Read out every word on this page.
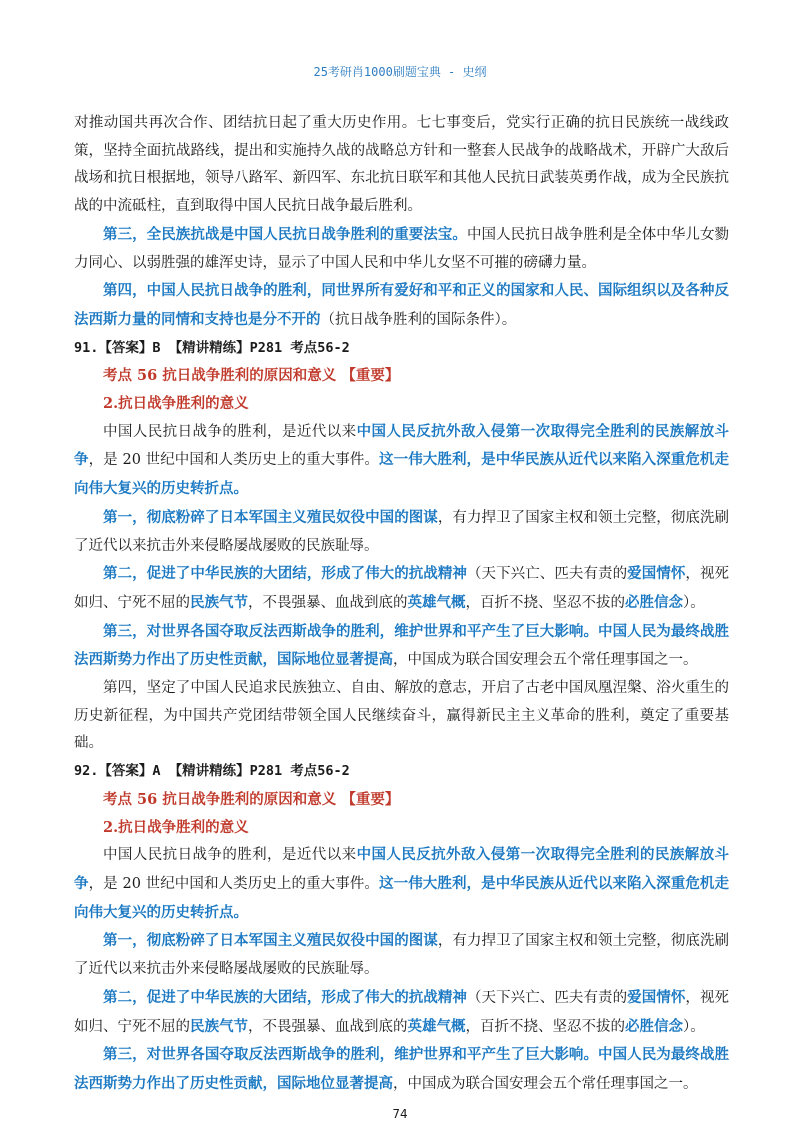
25考研肖1000刷题宝典 - 史纲

对推动国共再次合作、团结抗日起了重大历史作用。七七事变后，党实行正确的抗日民族统一战线政策，坚持全面抗战路线，提出和实施持久战的战略总方针和一整套人民战争的战略战术，开辟广大敌后战场和抗日根据地，领导八路军、新四军、东北抗日联军和其他人民抗日武装英勇作战，成为全民族抗战的中流砥柱，直到取得中国人民抗日战争最后胜利。

第三，全民族抗战是中国人民抗日战争胜利的重要法宝。中国人民抗日战争胜利是全体中华儿女勠力同心、以弱胜强的雄浑史诗，显示了中国人民和中华儿女坚不可摧的磅礴力量。

第四，中国人民抗日战争的胜利，同世界所有爱好和平和正义的国家和人民、国际组织以及各种反法西斯力量的同情和支持也是分不开的（抗日战争胜利的国际条件）。

91.【答案】B 【精讲精练】P281 考点56-2
考点 56 抗日战争胜利的原因和意义 【重要】
2.抗日战争胜利的意义

中国人民抗日战争的胜利，是近代以来中国人民反抗外敌入侵第一次取得完全胜利的民族解放斗争，是 20 世纪中国和人类历史上的重大事件。这一伟大胜利，是中华民族从近代以来陷入深重危机走向伟大复兴的历史转折点。

第一，彻底粉碎了日本军国主义殖民奴役中国的图谋，有力捍卫了国家主权和领土完整，彻底洗刷了近代以来抗击外来侵略屡战屡败的民族耻辱。

第二，促进了中华民族的大团结，形成了伟大的抗战精神（天下兴亡、匹夫有责的爱国情怀，视死如归、宁死不屈的民族气节，不畏强暴、血战到底的英雄气概，百折不挠、坚忍不拔的必胜信念）。

第三，对世界各国夺取反法西斯战争的胜利，维护世界和平产生了巨大影响。中国人民为最终战胜法西斯势力作出了历史性贡献，国际地位显著提高，中国成为联合国安理会五个常任理事国之一。

第四，坚定了中国人民追求民族独立、自由、解放的意志，开启了古老中国凤凰涅槃、浴火重生的历史新征程，为中国共产党团结带领全国人民继续奋斗，赢得新民主主义革命的胜利，奠定了重要基础。

92.【答案】A 【精讲精练】P281 考点56-2
考点 56 抗日战争胜利的原因和意义 【重要】
2.抗日战争胜利的意义

中国人民抗日战争的胜利，是近代以来中国人民反抗外敌入侵第一次取得完全胜利的民族解放斗争，是 20 世纪中国和人类历史上的重大事件。这一伟大胜利，是中华民族从近代以来陷入深重危机走向伟大复兴的历史转折点。

第一，彻底粉碎了日本军国主义殖民奴役中国的图谋，有力捍卫了国家主权和领土完整，彻底洗刷了近代以来抗击外来侵略屡战屡败的民族耻辱。

第二，促进了中华民族的大团结，形成了伟大的抗战精神（天下兴亡、匹夫有责的爱国情怀，视死如归、宁死不屈的民族气节，不畏强暴、血战到底的英雄气概，百折不挠、坚忍不拔的必胜信念）。

第三，对世界各国夺取反法西斯战争的胜利，维护世界和平产生了巨大影响。中国人民为最终战胜法西斯势力作出了历史性贡献，国际地位显著提高，中国成为联合国安理会五个常任理事国之一。

74
